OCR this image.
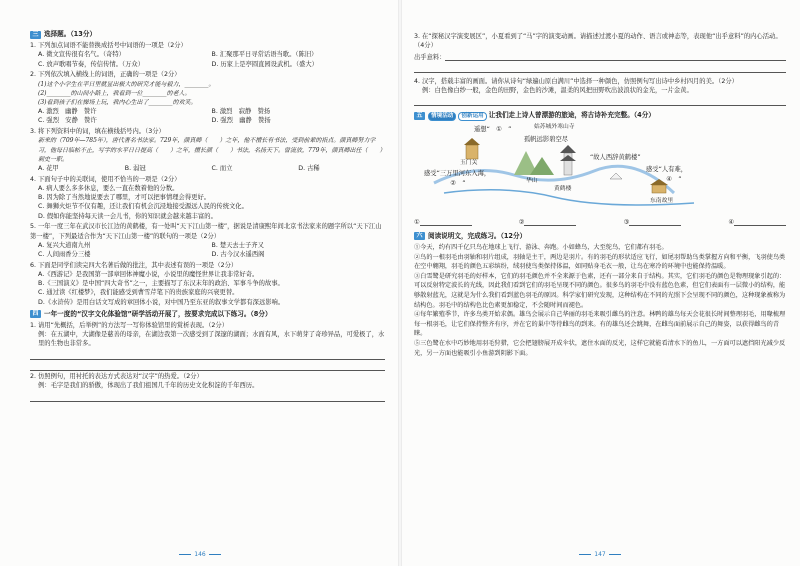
三 选择题。（13分）
1. 下列加点词语不能替换成括号中词语的一项是（2分）
A. 微文宣传很有名气。（奇特）	B. 汇聚那平日寻常话语当歌。（陈旧）
C. 放声歌唱节奏，传信传情。（万众）	D. 历家上是亭圆直园设武机。（盛大）
2. 下列依次填入横线上的词语，正确的一项是（2分）
(1)这个小学生在平日里就显出极大的研究才能与毅力，________。
(2)________的山间小路上，我看到一位________的老人。
(3)看到孩子们在操场上玩，我内心生出了________的欢笑。
A. 激烈　幽静　赞许	B. 激烈　寂静　赞扬
C. 强烈　安静　赞许	D. 强烈　幽静　赞扬
3. 将下列资料中的词，填在横线括号内。（3分）
新来的（709年—785年），唐代著名书法家。729年，颜真卿（　　）之年，他不擅长有书法，受到前辈的指点。颜真卿努力学习，他每日临帖不止，写字的水平日日提高（　　）之年，擅长颜（　　）书法，名扬天下。曾流放，779年，颜真卿出任（　　）刺史一职。
A. 花甲	B. 弱冠	C. 而立	D. 古稀
4. 下面句子中的关联词，使用不恰当的一项是（2分）
A. 病人要么多多休息，要么一直在数着他的分数。
B. 因为除了当然地说要去了哪里，才可以把事情理会得更好。
C. 舞狮火炬节不仅有趣，还让我们有机会沉浸地接受源远人民的传统文化。
D. 假如你能坚持每天读一会儿书，你的知识就会越来越丰富的。
5. 一年一度三年在武汉市长江边的黄鹤楼，有一处叫“天下江山第一楼”，据说是清康熙年间北京书法家来的题字所以“天下江山第一楼”，下列最适合作为“天下江山第一楼”的联句的一项是（2分）
A. 复兴大道南九州	B. 楚天去士子齐又
C. 人间雨香分三楼	D. 古今汉水遥西阁
6. 下面是同学们读完四大名著后做的批注，其中表述有误的一项是（2分）
A.《西游记》是我国第一部章回体神魔小说，小说里的魔怪世界让我非常好奇。
B.《三国演义》是中国“四大奇书”之一，主要描写了东汉末年的政治、军事斗争的故事。
C. 通过读《红楼梦》，我们能感受到曹雪芹笔下的贵族家庭的兴衰更替。
D.《水浒传》是用白话文写成的章回体小说，对中国乃至东亚的叙事文学都有深远影响。
四 一年一度的“汉字文化体验馆”研学活动开展了，按要求完成以下练习。（8分）
1. 请用“先概括，后举例”的方法写一写你体验馆里的赏析表现。（2分）
例：在五湖中，大湖像是慈善的母亲，在湖边我第一次感受到了深邃的湖面；水面有风，水下萌芽了奇珍异品，可爱极了，水里的生物也非常多。
2. 仿照例句，用衬托的表达方式表达对“汉字”的热爱。（2分）
例：毛字是我们的骄傲，体现出了我们祖国几千年的历史文化积淀的千年西历。
146
3. 在“探秘汉字演变展区”，小夏看到了“马”字的演变动画。请描述过渡小夏的动作、语言或神态等，表现他“出乎意料”的内心活动。（4分）
出乎意料：
4. 汉字，搭载丰富的画面。请你从诗句“绿遍山原白满川”中选择一种颜色，仿照例句写出诗中乡村四月的美。（2分）
例：白色像白纱一般，金色的田野，金色的沙滩，温柔的风把田野吹出波浪状的金光，一片金黄。
五	情境活动	创新运用 让我们走上诗人曾漂游的旅途，将古诗补充完整。（4分）
遥想“　①　”
孤帆远影碧空尽
玉门关
感受“三万里河东入海，
　②　”	华山
“故人西辞黄鹤楼”
黄鹤楼
感受“人有难，
　④　”
东南故里
姑苏城外寒山寺
①	②	③	④
六 阅读说明文，完成练习。（12分）
①今天，约有四千亿只鸟在地球上飞行、游泳、奔跑。小如蜂鸟，大至鸵鸟，它们都有羽毛。
②鸟的一根羽毛由羽轴和羽片组成，羽轴是主干，两边是羽片。有的羽毛的形状适应飞行，如尾羽帮助鸟类掌握方向和平衡，飞羽使鸟类在空中翱翔，羽毛的颜色五彩缤纷，绒羽使鸟类保持体温，如同贴身毛衣一般，让鸟在寒冷的环境中也能保持温暖。
③白雪鹭是研究羽毛的好样本，它们的羽毛颜色并不全来源于色素，还有一部分来自于结构。其实，它们羽毛的颜色是物理现象引起的：可以反射特定波长的光线，因此我们看到它们的羽毛呈现不同的颜色。很多鸟的羽毛中没有蓝色色素，但它们表面有一层微小的结构，能够散射蓝光，这就是为什么我们看到蓝色羽毛的原因。科学家们研究发现，这种结构在不同的光照下会呈现不同的颜色，这种现象被称为结构色。羽毛中的结构色比色素更加稳定，不会随时间而褪色。
④每年繁殖季节，许多鸟类开始求偶。雄鸟会展示自己华丽的羽毛来吸引雌鸟的注意。林鸭的雄鸟每天会花很长时间整理羽毛，用喙梳理每一根羽毛，让它们保持整齐有序，并在它的巢中等待雌鸟的到来。有的雄鸟还会跳舞，在雌鸟面前展示自己的舞姿，以获得雌鸟的青睐。
⑤三色鹭在水中巧妙地用羽毛狩猎，它会把翅膀展开成伞状，遮住水面的反光，这样它就能看清水下的鱼儿，一方面可以遮挡阳光减少反光，另一方面也能吸引小鱼游到阴影下面。
147
